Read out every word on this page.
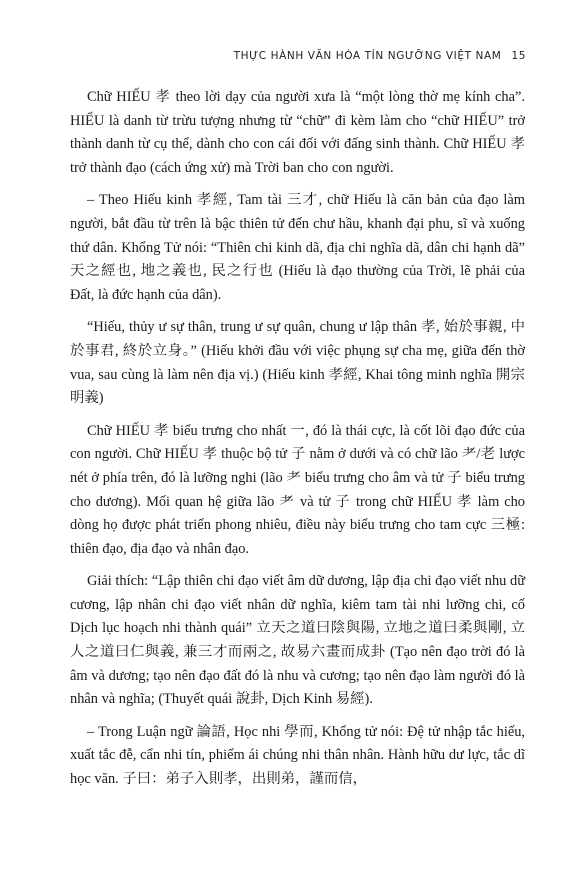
THỰC HÀNH VĂN HÓA TÍN NGƯỠNG VIỆT NAM 15

Chữ HIẾU 孝 theo lời dạy của người xưa là “một lòng thờ mẹ kính cha”. HIẾU là danh từ trừu tượng nhưng từ “chữ” đi kèm làm cho “chữ HIẾU” trở thành danh từ cụ thể, dành cho con cái đối với đấng sinh thành. Chữ HIẾU 孝 trở thành đạo (cách ứng xử) mà Trời ban cho con người.

– Theo Hiếu kinh 孝經, Tam tài 三才, chữ Hiếu là căn bản của đạo làm người, bắt đầu từ trên là bậc thiên tử đến chư hầu, khanh đại phu, sĩ và xuống thứ dân. Khổng Tử nói: “Thiên chi kinh dã, địa chi nghĩa dã, dân chi hạnh dã” 天之經也, 地之義也, 民之行也 (Hiếu là đạo thường của Trời, lẽ phải của Đất, là đức hạnh của dân).

“Hiếu, thủy ư sự thân, trung ư sự quân, chung ư lập thân 孝, 始於事親, 中於事君, 終於立身。” (Hiếu khởi đầu với việc phụng sự cha mẹ, giữa đến thờ vua, sau cùng là làm nên địa vị.) (Hiếu kinh 孝經, Khai tông minh nghĩa 開宗明義)

Chữ HIẾU 孝 biểu trưng cho nhất 一, đó là thái cực, là cốt lõi đạo đức của con người. Chữ HIẾU 孝 thuộc bộ tử 子 nằm ở dưới và có chữ lão 耂/老 lược nét ở phía trên, đó là lưỡng nghi (lão 耂 biểu trưng cho âm và tử 子 biểu trưng cho dương). Mối quan hệ giữa lão 耂 và tử 子 trong chữ HIẾU 孝 làm cho dòng họ được phát triển phong nhiêu, điều này biểu trưng cho tam cực 三極: thiên đạo, địa đạo và nhân đạo.

Giải thích: “Lập thiên chi đạo viết âm dữ dương, lập địa chi đạo viết nhu dữ cương, lập nhân chi đạo viết nhân dữ nghĩa, kiêm tam tài nhi lưỡng chi, cố Dịch lục hoạch nhi thành quái” 立天之道曰陰與陽, 立地之道曰柔與剛, 立人之道曰仁與義, 兼三才而兩之, 故易六畫而成卦 (Tạo nên đạo trời đó là âm và dương; tạo nên đạo đất đó là nhu và cương; tạo nên đạo làm người đó là nhân và nghĩa; (Thuyết quái 說卦, Dịch Kinh 易經).

– Trong Luận ngữ 論語, Học nhi 學而, Khổng tử nói: Đệ tử nhập tắc hiếu, xuất tắc đễ, cẩn nhi tín, phiếm ái chúng nhi thân nhân. Hành hữu dư lực, tắc dĩ học văn. 子曰：弟子入則孝，出則弟，謹而信，
